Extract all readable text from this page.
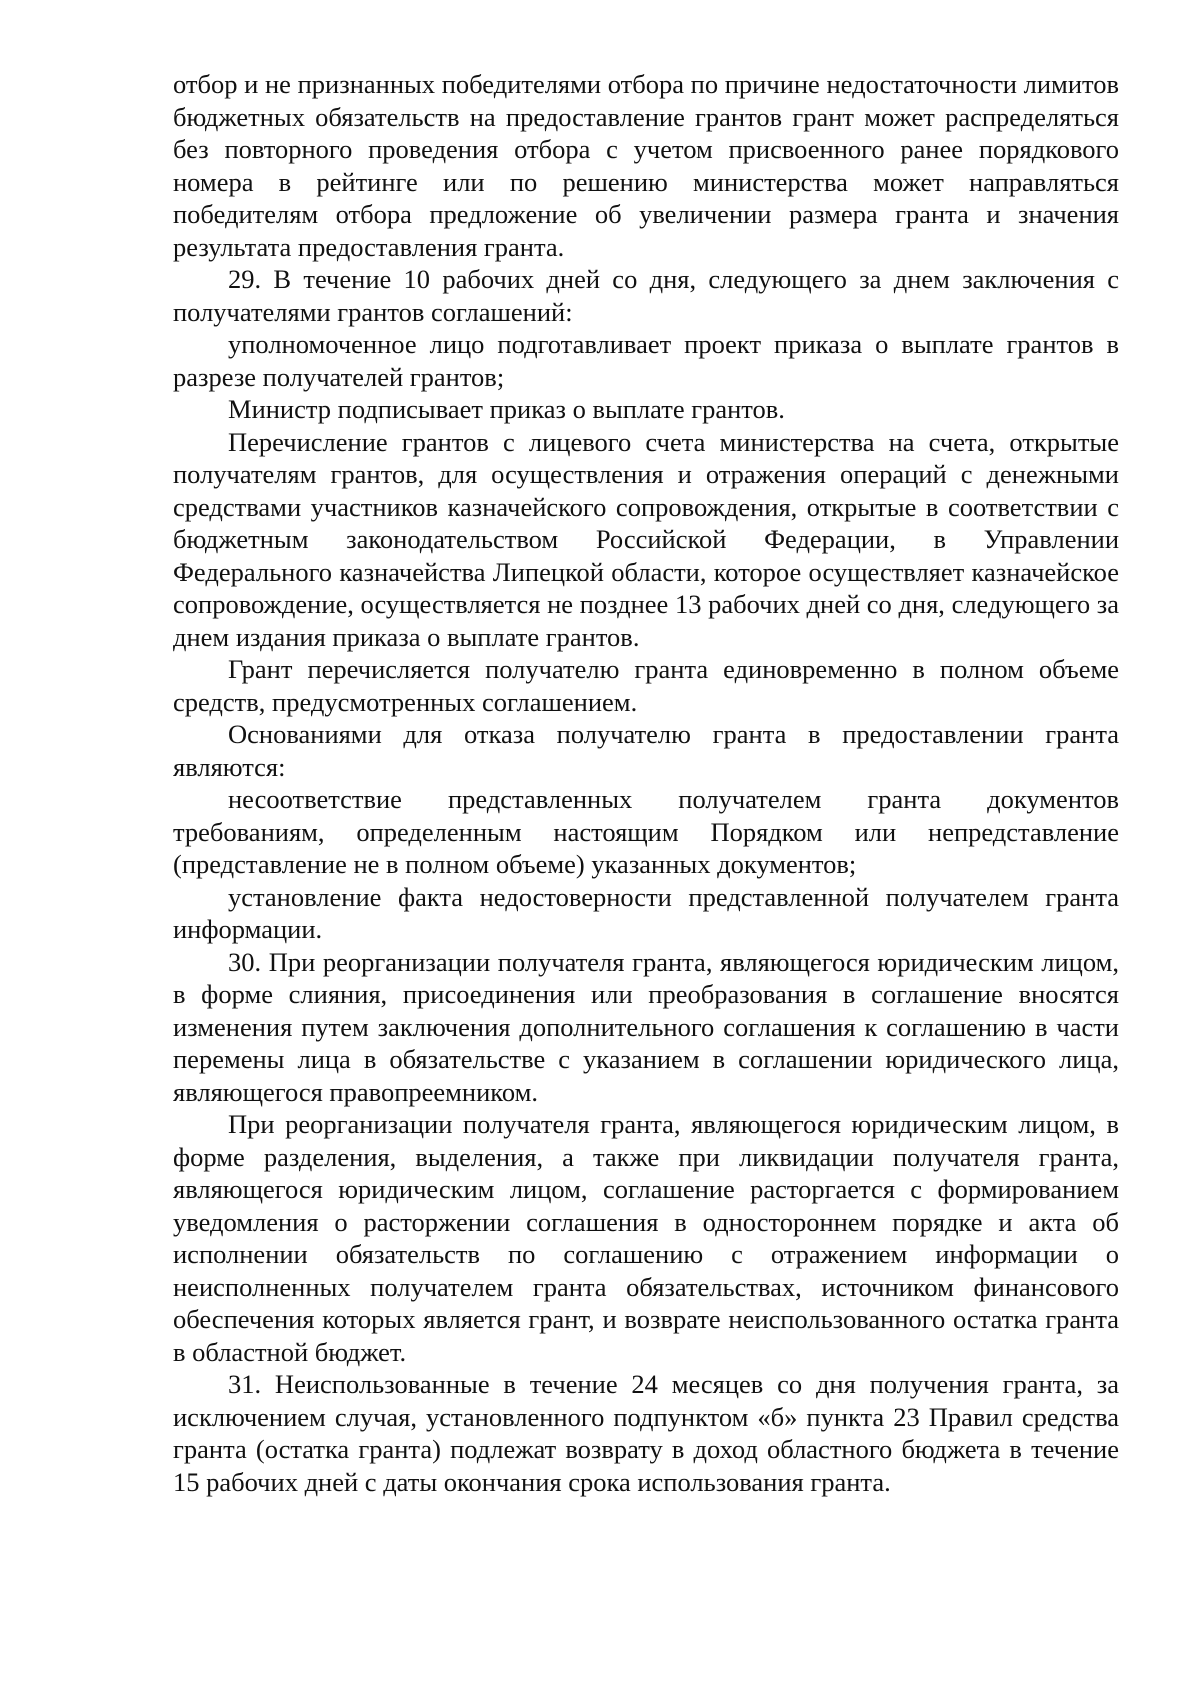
отбор и не признанных победителями отбора по причине недостаточности лимитов бюджетных обязательств на предоставление грантов грант может распределяться без повторного проведения отбора с учетом присвоенного ранее порядкового номера в рейтинге или по решению министерства может направляться победителям отбора предложение об увеличении размера гранта и значения результата предоставления гранта.

29. В течение 10 рабочих дней со дня, следующего за днем заключения с получателями грантов соглашений:

уполномоченное лицо подготавливает проект приказа о выплате грантов в разрезе получателей грантов;

Министр подписывает приказ о выплате грантов.

Перечисление грантов с лицевого счета министерства на счета, открытые получателям грантов, для осуществления и отражения операций с денежными средствами участников казначейского сопровождения, открытые в соответствии с бюджетным законодательством Российской Федерации, в Управлении Федерального казначейства Липецкой области, которое осуществляет казначейское сопровождение, осуществляется не позднее 13 рабочих дней со дня, следующего за днем издания приказа о выплате грантов.

Грант перечисляется получателю гранта единовременно в полном объеме средств, предусмотренных соглашением.

Основаниями для отказа получателю гранта в предоставлении гранта являются:

несоответствие представленных получателем гранта документов требованиям, определенным настоящим Порядком или непредставление (представление не в полном объеме) указанных документов;

установление факта недостоверности представленной получателем гранта информации.

30. При реорганизации получателя гранта, являющегося юридическим лицом, в форме слияния, присоединения или преобразования в соглашение вносятся изменения путем заключения дополнительного соглашения к соглашению в части перемены лица в обязательстве с указанием в соглашении юридического лица, являющегося правопреемником.

При реорганизации получателя гранта, являющегося юридическим лицом, в форме разделения, выделения, а также при ликвидации получателя гранта, являющегося юридическим лицом, соглашение расторгается с формированием уведомления о расторжении соглашения в одностороннем порядке и акта об исполнении обязательств по соглашению с отражением информации о неисполненных получателем гранта обязательствах, источником финансового обеспечения которых является грант, и возврате неиспользованного остатка гранта в областной бюджет.

31. Неиспользованные в течение 24 месяцев со дня получения гранта, за исключением случая, установленного подпунктом «б» пункта 23 Правил средства гранта (остатка гранта) подлежат возврату в доход областного бюджета в течение 15 рабочих дней с даты окончания срока использования гранта.
